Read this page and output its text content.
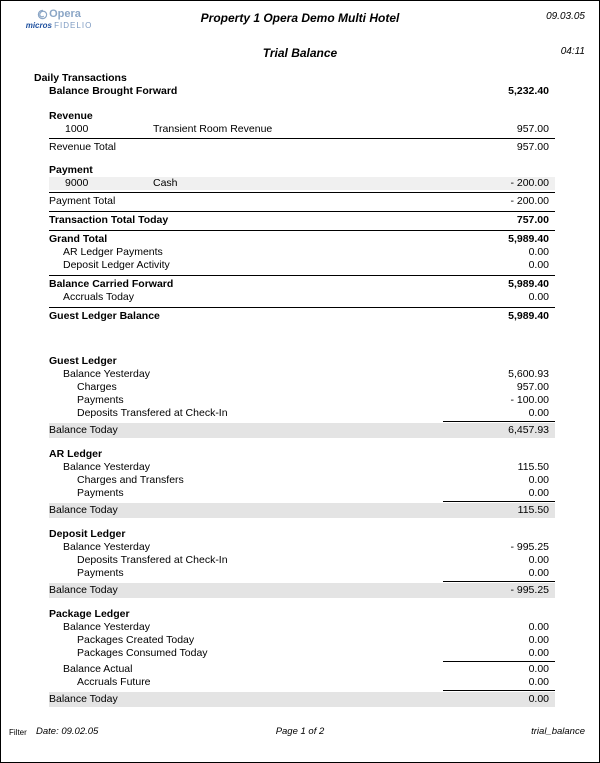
Opera
micros FIDELIO
Property 1 Opera Demo Multi Hotel	09.03.05
Trial Balance	04:11
Daily Transactions
Balance Brought Forward	5,232.40
Revenue
1000	Transient Room Revenue	957.00
Revenue Total	957.00
Payment
9000	Cash	- 200.00
Payment Total	- 200.00
Transaction Total Today	757.00
Grand Total	5,989.40
AR Ledger Payments	0.00
Deposit Ledger Activity	0.00
Balance Carried Forward	5,989.40
Accruals Today	0.00
Guest Ledger Balance	5,989.40
Guest Ledger
Balance Yesterday	5,600.93
Charges	957.00
Payments	- 100.00
Deposits Transfered at Check-In	0.00
Balance Today	6,457.93
AR Ledger
Balance Yesterday	115.50
Charges and Transfers	0.00
Payments	0.00
Balance Today	115.50
Deposit Ledger
Balance Yesterday	- 995.25
Deposits Transfered at Check-In	0.00
Payments	0.00
Balance Today	- 995.25
Package Ledger
Balance Yesterday	0.00
Packages Created Today	0.00
Packages Consumed Today	0.00
Balance Actual	0.00
Accruals Future	0.00
Balance Today	0.00
Filter	Page 1 of 2
Date: 09.02.05	trial_balance
